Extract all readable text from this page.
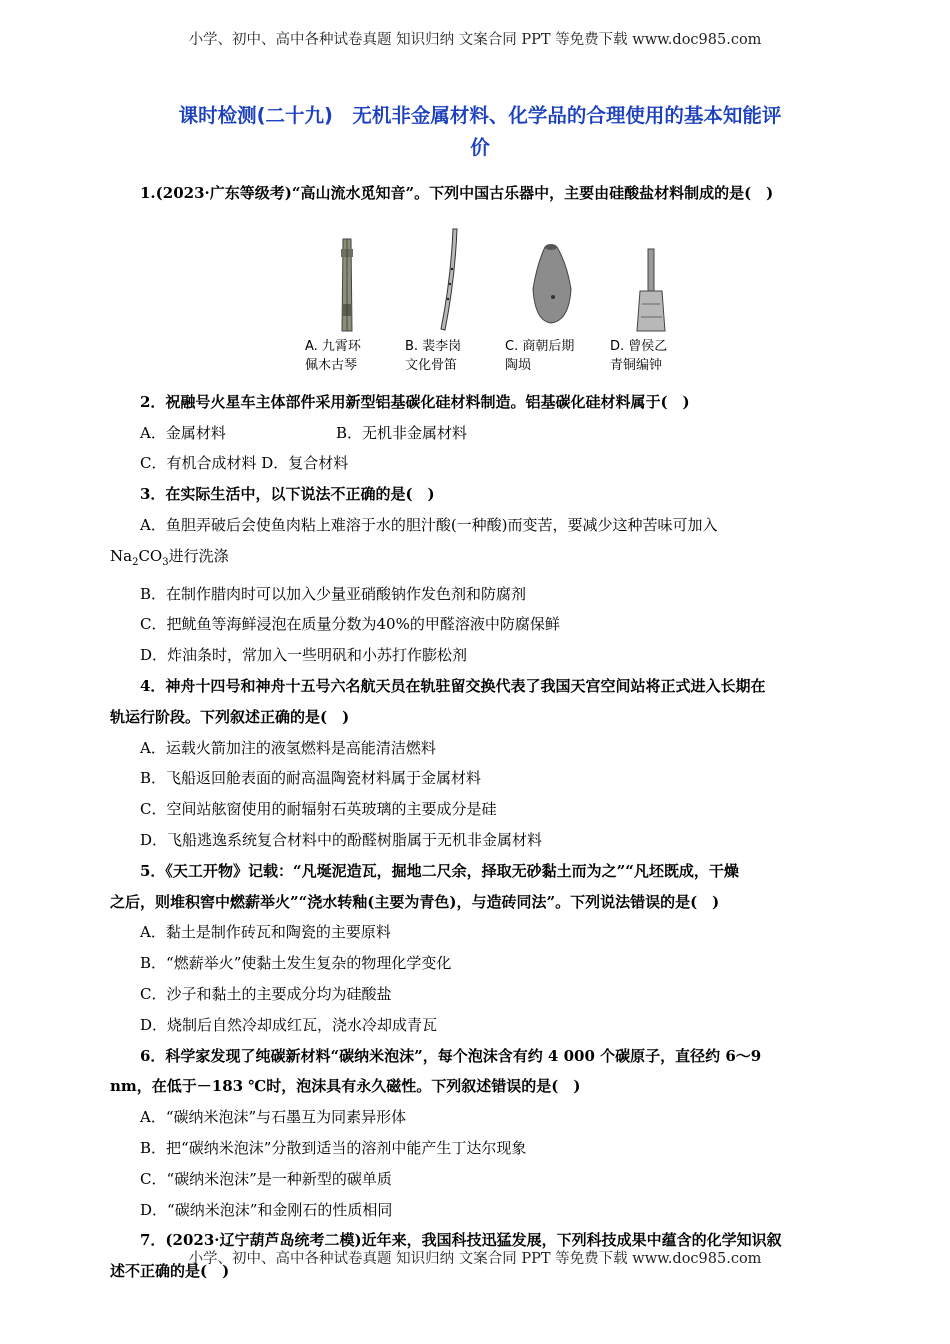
小学、初中、高中各种试卷真题 知识归纳 文案合同 PPT 等免费下载 www.doc985.com
课时检测(二十九)　无机非金属材料、化学品的合理使用的基本知能评
价
1.(2023·广东等级考)“高山流水觅知音”。下列中国古乐器中，主要由硅酸盐材料制成的是(　)
A. 九霄环
佩木古琴
B. 裴李岗
文化骨笛
C. 商朝后期
陶埙
D. 曾侯乙
青铜编钟
2．祝融号火星车主体部件采用新型铝基碳化硅材料制造。铝基碳化硅材料属于(　)
A．金属材料	B．无机非金属材料
C．有机合成材料 D．复合材料
3．在实际生活中，以下说法不正确的是(　)
A．鱼胆弄破后会使鱼肉粘上难溶于水的胆汁酸(一种酸)而变苦，要减少这种苦味可加入
$Na_2CO_3$进行洗涤
B．在制作腊肉时可以加入少量亚硝酸钠作发色剂和防腐剂
C．把鱿鱼等海鲜浸泡在质量分数为40%的甲醛溶液中防腐保鲜
D．炸油条时，常加入一些明矾和小苏打作膨松剂
4．神舟十四号和神舟十五号六名航天员在轨驻留交换代表了我国天宫空间站将正式进入长期在
轨运行阶段。下列叙述正确的是(　)
A．运载火箭加注的液氢燃料是高能清洁燃料
B．飞船返回舱表面的耐高温陶瓷材料属于金属材料
C．空间站舷窗使用的耐辐射石英玻璃的主要成分是硅
D．飞船逃逸系统复合材料中的酚醛树脂属于无机非金属材料
5．《天工开物》记载：“凡埏泥造瓦，掘地二尺余，择取无砂黏土而为之”“凡坯既成，干燥
之后，则堆积窖中燃薪举火”“浇水转釉(主要为青色)，与造砖同法”。下列说法错误的是(　)
A．黏土是制作砖瓦和陶瓷的主要原料
B．“燃薪举火”使黏土发生复杂的物理化学变化
C．沙子和黏土的主要成分均为硅酸盐
D．烧制后自然冷却成红瓦，浇水冷却成青瓦
6．科学家发现了纯碳新材料“碳纳米泡沫”，每个泡沫含有约 4 000 个碳原子，直径约 6～9
nm，在低于－183 ℃时，泡沫具有永久磁性。下列叙述错误的是(　)
A．“碳纳米泡沫”与石墨互为同素异形体
B．把“碳纳米泡沫”分散到适当的溶剂中能产生丁达尔现象
C．“碳纳米泡沫”是一种新型的碳单质
D．“碳纳米泡沫”和金刚石的性质相同
7．(2023·辽宁葫芦岛统考二模)近年来，我国科技迅猛发展，下列科技成果中蕴含的化学知识叙
述不正确的是(　)
小学、初中、高中各种试卷真题 知识归纳 文案合同 PPT 等免费下载 www.doc985.com
